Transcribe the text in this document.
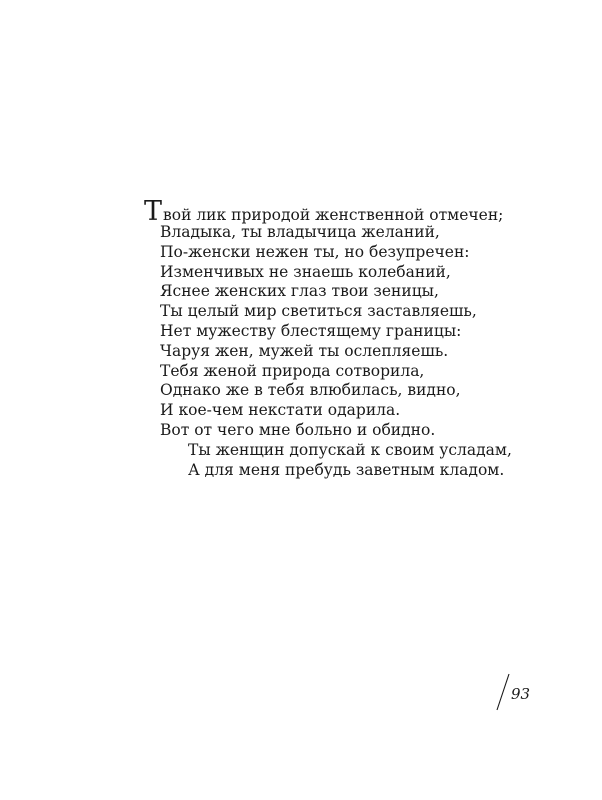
Твой лик природой женственной отмечен;
Владыка, ты владычица желаний,
По-женски нежен ты, но безупречен:
Изменчивых не знаешь колебаний,
Яснее женских глаз твои зеницы,
Ты целый мир светиться заставляешь,
Нет мужеству блестящему границы:
Чаруя жен, мужей ты ослепляешь.
Тебя женой природа сотворила,
Однако же в тебя влюбилась, видно,
И кое-чем некстати одарила.
Вот от чего мне больно и обидно.
Ты женщин допускай к своим усладам,
А для меня пребудь заветным кладом.
93
